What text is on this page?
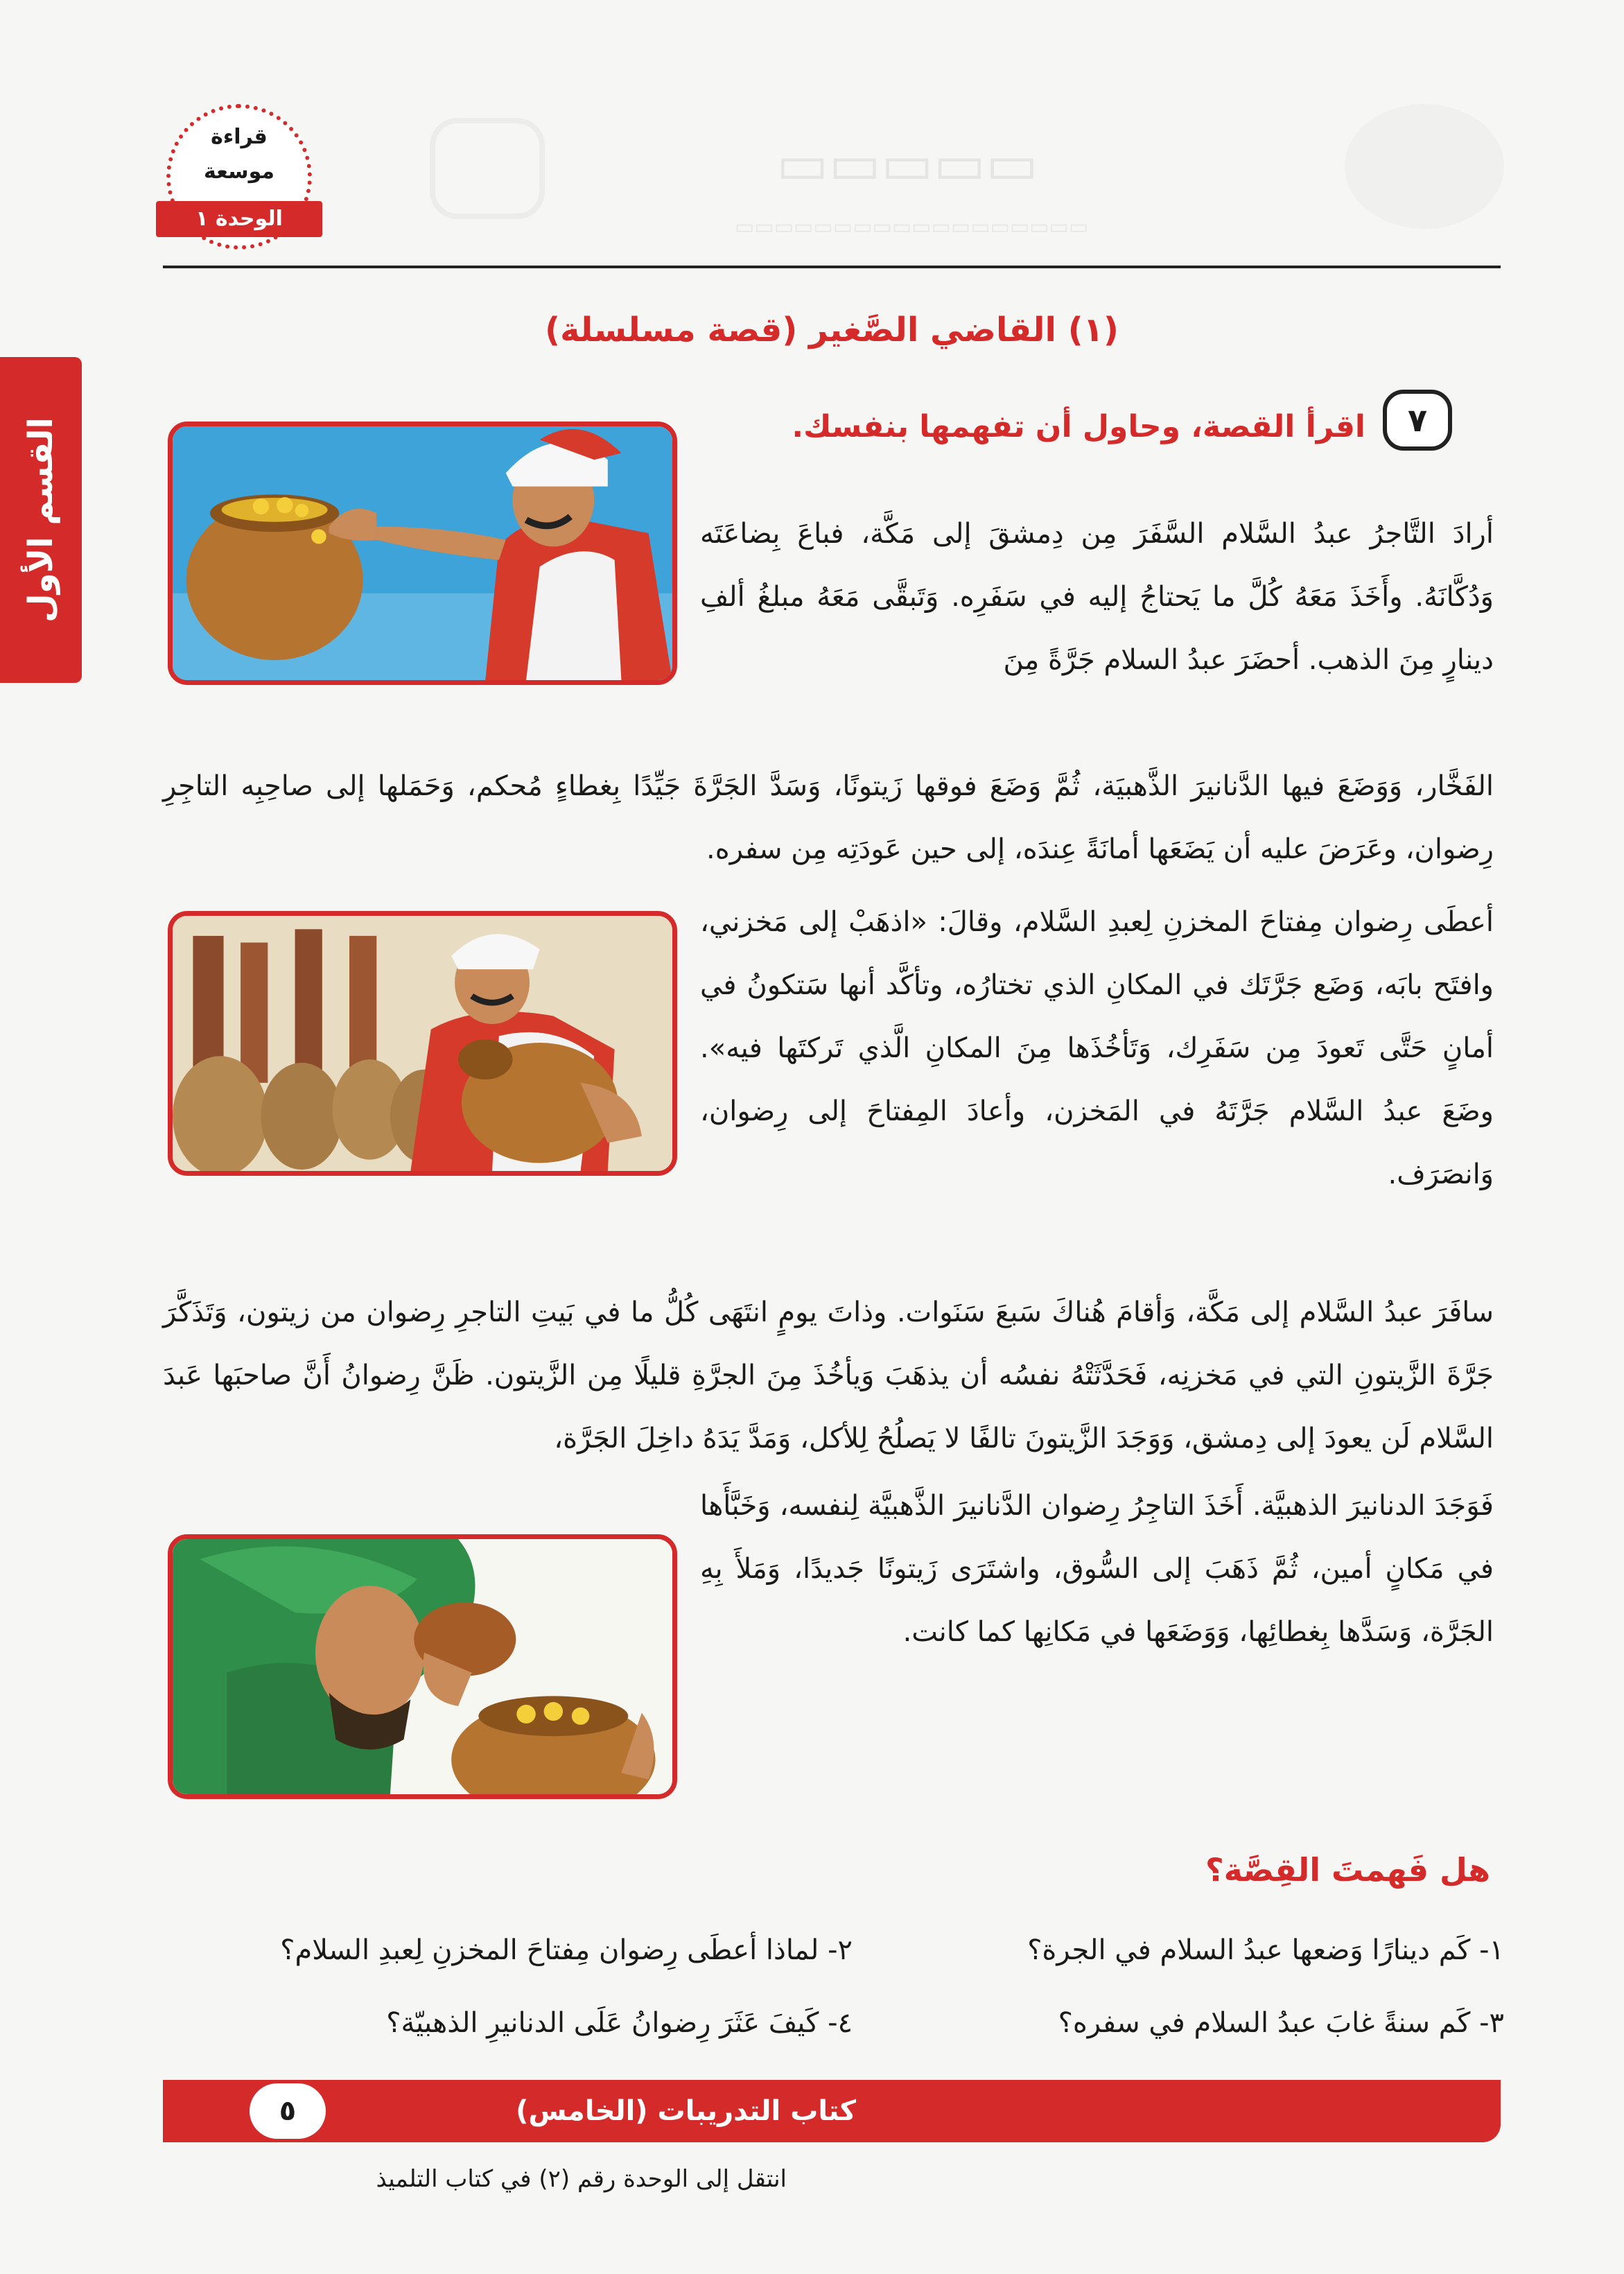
▭▭▭▭▭
▭▭▭▭▭▭▭▭▭▭▭▭▭▭▭▭▭▭
قراءة
موسعة
الوحدة ١
القسم الأول
(١) القاضي الصَّغير (قصة مسلسلة)
٧
اقرأ القصة، وحاول أن تفهمها بنفسك.
أرادَ التَّاجرُ عبدُ السَّلام السَّفَرَ مِن دِمشقَ إلى مَكَّة، فباعَ بِضاعَتَه وَدُكَّانَهُ. وأَخَذَ مَعَهُ كُلَّ ما يَحتاجُ إليه في سَفَرِه. وَتَبقَّى مَعَهُ مبلغُ ألفِ دينارٍ مِنَ الذهب. أحضَرَ عبدُ السلام جَرَّةً مِنَ
الفَخَّار، وَوَضَعَ فيها الدَّنانيرَ الذَّهبيَة، ثُمَّ وَضَعَ فوقها زَيتونًا، وَسَدَّ الجَرَّةَ جَيِّدًا بِغطاءٍ مُحكم، وَحَمَلها إلى صاحِبِه التاجِرِ رِضوان، وعَرَضَ عليه أن يَضَعَها أمانَةً عِندَه، إلى حين عَودَتِه مِن سفره.
أعطَى رِضوان مِفتاحَ المخزنِ لِعبدِ السَّلام، وقالَ: «اذهَبْ إلى مَخزني، وافتَح بابَه، وَضَع جَرَّتَك في المكانِ الذي تختارُه، وتأكَّد أنها سَتكونُ في أمانٍ حَتَّى تَعودَ مِن سَفَرِك، وَتَأخُذَها مِنَ المكانِ الَّذي تَركتَها فيه». وضَعَ عبدُ السَّلام جَرَّتَهُ في المَخزن، وأعادَ المِفتاحَ إلى رِضوان، وَانصَرَف.
سافَرَ عبدُ السَّلام إلى مَكَّة، وَأقامَ هُناكَ سَبعَ سَنَوات. وذاتَ يومٍ انتَهَى كُلُّ ما في بَيتِ التاجرِ رِضوان من زيتون، وَتَذَكَّرَ جَرَّةَ الزَّيتونِ التي في مَخزنِه، فَحَدَّثَتْهُ نفسُه أن يذهَبَ وَيأخُذَ مِنَ الجرَّةِ قليلًا مِن الزَّيتون. ظَنَّ رِضوانُ أَنَّ صاحبَها عَبدَ السَّلام لَن يعودَ إلى دِمشق، وَوَجَدَ الزَّيتونَ تالفًا لا يَصلُحُ لِلأكل، وَمَدَّ يَدَهُ داخِلَ الجَرَّة،
فَوَجَدَ الدنانيرَ الذهبيَّة. أَخَذَ التاجِرُ رِضوان الدَّنانيرَ الذَّهبيَّة لِنفسه، وَخَبَّأَها في مَكانٍ أمين، ثُمَّ ذَهَبَ إلى السُّوق، واشتَرَى زَيتونًا جَديدًا، وَمَلأَ بِهِ الجَرَّة، وَسَدَّها بِغطائِها، وَوَضَعَها في مَكانِها كما كانت.
هل فَهمتَ القِصَّة؟
١- كَم دينارًا وَضعها عبدُ السلام في الجرة؟
٢- لماذا أعطَى رِضوان مِفتاحَ المخزنِ لِعبدِ السلام؟
٣- كَم سنةً غابَ عبدُ السلام في سفره؟
٤- كَيفَ عَثَرَ رِضوانُ عَلَى الدنانيرِ الذهبيّة؟
٥	كتاب التدريبات (الخامس)
انتقل إلى الوحدة رقم (٢) في كتاب التلميذ
